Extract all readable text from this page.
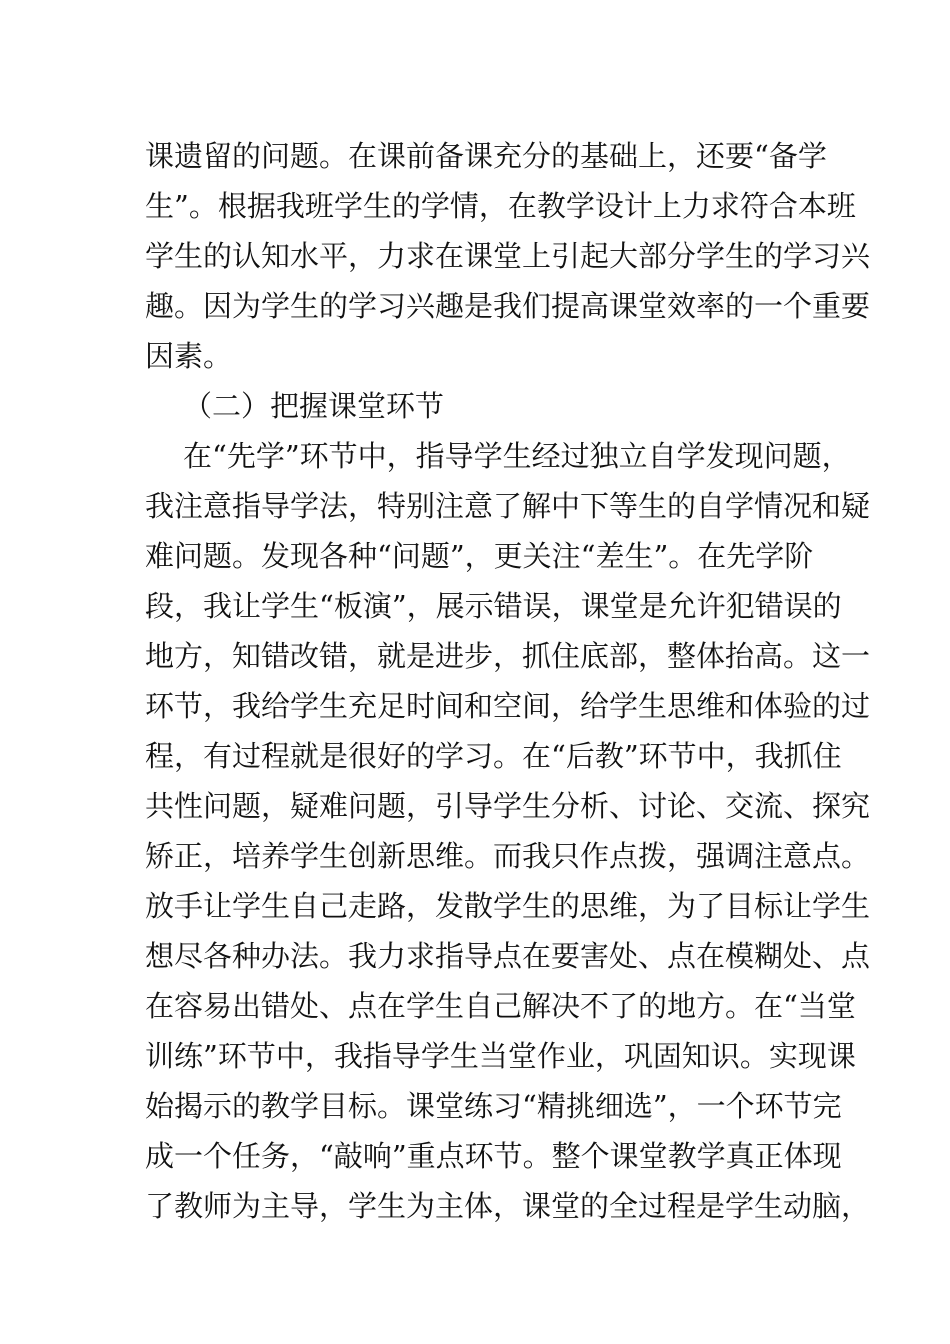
课遗留的问题。在课前备课充分的基础上，还要“备学
生”。根据我班学生的学情，在教学设计上力求符合本班
学生的认知水平，力求在课堂上引起大部分学生的学习兴
趣。因为学生的学习兴趣是我们提高课堂效率的一个重要
因素。
（二）把握课堂环节
在“先学”环节中，指导学生经过独立自学发现问题，
我注意指导学法，特别注意了解中下等生的自学情况和疑
难问题。发现各种“问题”，更关注“差生”。在先学阶
段，我让学生“板演”，展示错误，课堂是允许犯错误的
地方，知错改错，就是进步，抓住底部，整体抬高。这一
环节，我给学生充足时间和空间，给学生思维和体验的过
程，有过程就是很好的学习。在“后教”环节中，我抓住
共性问题，疑难问题，引导学生分析、讨论、交流、探究
矫正，培养学生创新思维。而我只作点拨，强调注意点。
放手让学生自己走路，发散学生的思维，为了目标让学生
想尽各种办法。我力求指导点在要害处、点在模糊处、点
在容易出错处、点在学生自己解决不了的地方。在“当堂
训练”环节中，我指导学生当堂作业，巩固知识。实现课
始揭示的教学目标。课堂练习“精挑细选”，一个环节完
成一个任务，“敲响”重点环节。整个课堂教学真正体现
了教师为主导，学生为主体，课堂的全过程是学生动脑，
